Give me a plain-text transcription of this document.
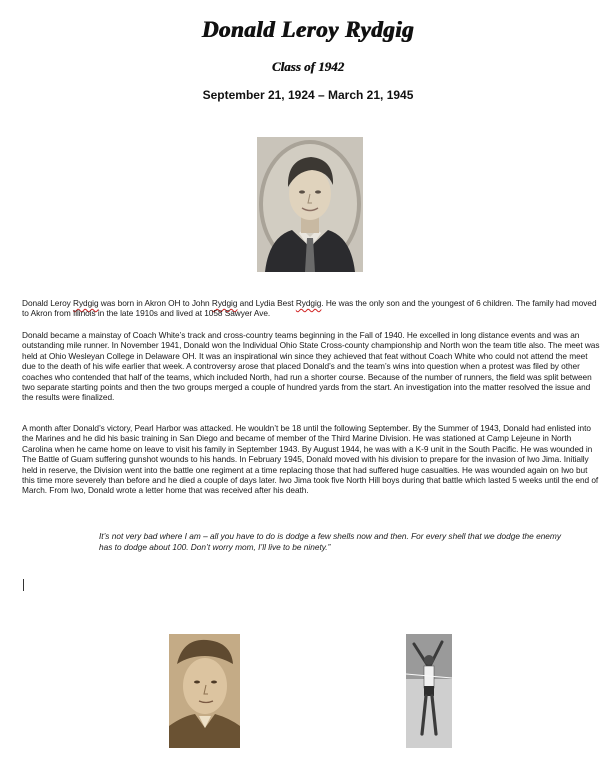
Donald Leroy Rydgig
Class of 1942
September 21, 1924 – March 21, 1945

Donald Leroy Rydgig was born in Akron OH to John Rydgig and Lydia Best Rydgig. He was the only son and the youngest of 6 children. The family had moved to Akron from Illinois in the late 1910s and lived at 1058 Sawyer Ave.

Donald became a mainstay of Coach White’s track and cross-country teams beginning in the Fall of 1940. He excelled in long distance events and was an outstanding mile runner. In November 1941, Donald won the Individual Ohio State Cross-county championship and North won the team title also. The meet was held at Ohio Wesleyan College in Delaware OH. It was an inspirational win since they achieved that feat without Coach White who could not attend the meet due to the death of his wife earlier that week. A controversy arose that placed Donald’s and the team’s wins into question when a protest was filed by other coaches who contended that half of the teams, which included North, had run a shorter course. Because of the number of runners, the field was split between two separate starting points and then the two groups merged a couple of hundred yards from the start. An investigation into the matter resolved the issue and the results were finalized.

A month after Donald’s victory, Pearl Harbor was attacked. He wouldn’t be 18 until the following September. By the Summer of 1943, Donald had enlisted into the Marines and he did his basic training in San Diego and became of member of the Third Marine Division. He was stationed at Camp Lejeune in North Carolina when he came home on leave to visit his family in September 1943. By August 1944, he was with a K-9 unit in the South Pacific. He was wounded in The Battle of Guam suffering gunshot wounds to his hands. In February 1945, Donald moved with his division to prepare for the invasion of Iwo Jima. Initially held in reserve, the Division went into the battle one regiment at a time replacing those that had suffered huge casualties. He was wounded again on Iwo but this time more severely than before and he died a couple of days later. Iwo Jima took five North Hill boys during that battle which lasted 5 weeks until the end of March. From Iwo, Donald wrote a letter home that was received after his death.

It’s not very bad where I am – all you have to do is dodge a few shells now and then. For every shell that we dodge the enemy has to dodge about 100. Don’t worry mom, I’ll live to be ninety.”
